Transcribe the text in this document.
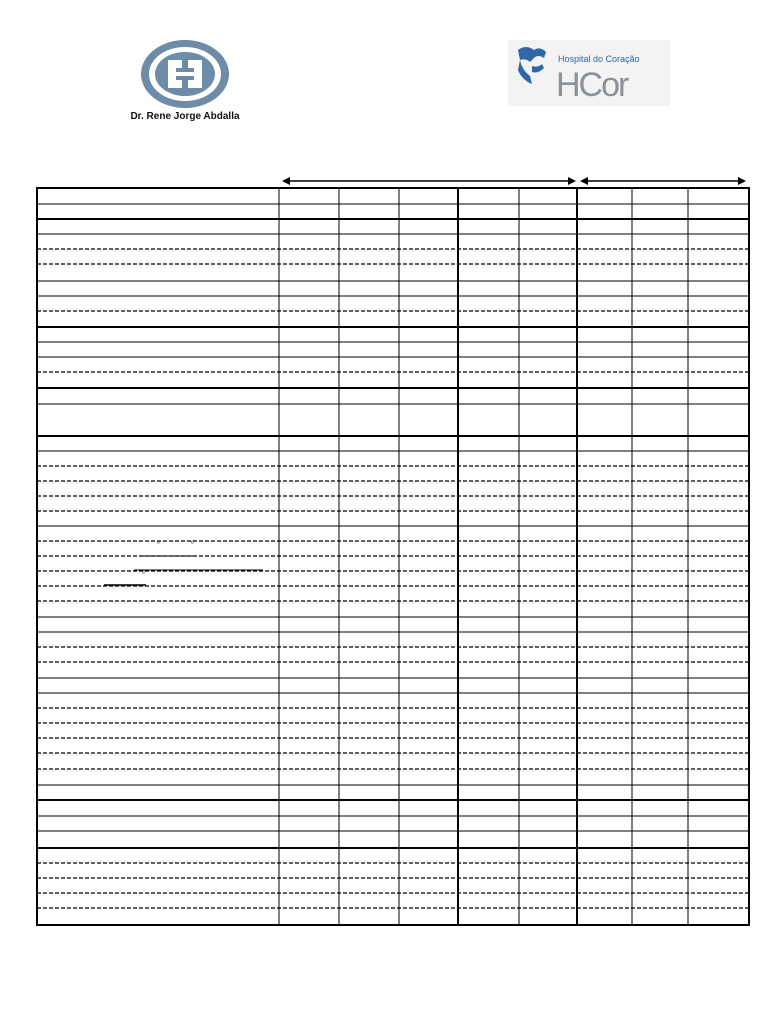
Dr. Rene Jorge Abdalla
Hospital do Coração
HCor
º	º
º
